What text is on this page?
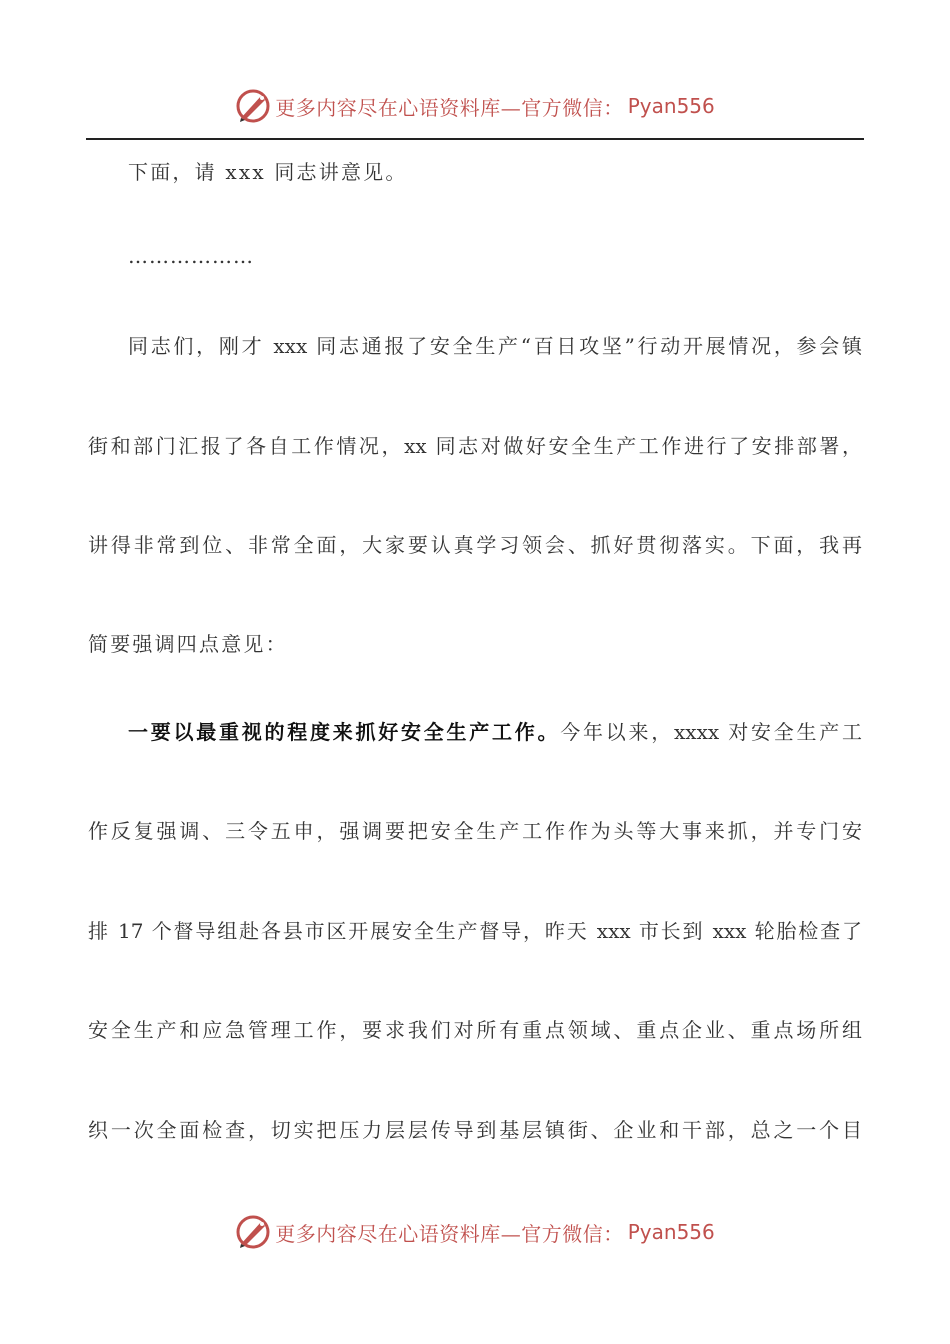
更多内容尽在心语资料库—官方微信： Pyan556
下面，请 xxx 同志讲意见。
………………
同志们，刚才 xxx 同志通报了安全生产“百日攻坚”行动开展情况，参会镇
街和部门汇报了各自工作情况，xx 同志对做好安全生产工作进行了安排部署，
讲得非常到位、非常全面，大家要认真学习领会、抓好贯彻落实。下面，我再
简要强调四点意见：
一要以最重视的程度来抓好安全生产工作。今年以来，xxxx 对安全生产工
作反复强调、三令五申，强调要把安全生产工作作为头等大事来抓，并专门安
排 17 个督导组赴各县市区开展安全生产督导，昨天 xxx 市长到 xxx 轮胎检查了
安全生产和应急管理工作，要求我们对所有重点领域、重点企业、重点场所组
织一次全面检查，切实把压力层层传导到基层镇街、企业和干部，总之一个目
更多内容尽在心语资料库—官方微信： Pyan556
